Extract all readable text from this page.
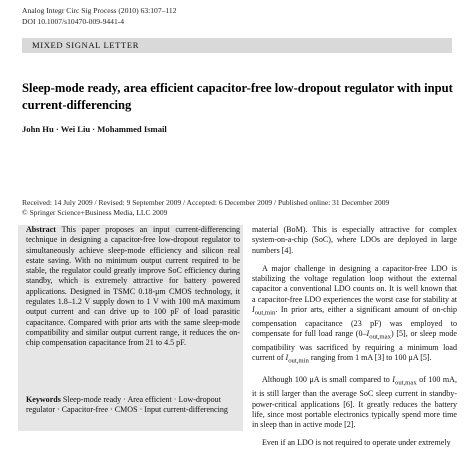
Analog Integr Circ Sig Process (2010) 63:107–112
DOI 10.1007/s10470-009-9441-4
MIXED SIGNAL LETTER
Sleep-mode ready, area efficient capacitor-free low-dropout regulator with input current-differencing
John Hu · Wei Liu · Mohammed Ismail
Received: 14 July 2009 / Revised: 9 September 2009 / Accepted: 6 December 2009 / Published online: 31 December 2009
© Springer Science+Business Media, LLC 2009
Abstract This paper proposes an input current-differencing technique in designing a capacitor-free low-dropout regulator to simultaneously achieve sleep-mode efficiency and silicon real estate saving. With no minimum output current required to be stable, the regulator could greatly improve SoC efficiency during standby, which is extremely attractive for battery powered applications. Designed in TSMC 0.18-μm CMOS technology, it regulates 1.8–1.2 V supply down to 1 V with 100 mA maximum output current and can drive up to 100 pF of load parasitic capacitance. Compared with prior arts with the same sleep-mode compatibility and similar output current range, it reduces the on-chip compensation capacitance from 21 to 4.5 pF.
Keywords Sleep-mode ready · Area efficient · Low-dropout regulator · Capacitor-free · CMOS · Input current-differencing

material (BoM). This is especially attractive for complex system-on-a-chip (SoC), where LDOs are deployed in large numbers [4].

A major challenge in designing a capacitor-free LDO is stabilizing the voltage regulation loop without the external capacitor a conventional LDO counts on. It is well known that a capacitor-free LDO experiences the worst case for stability at $I_{out,min}$. In prior arts, either a significant amount of on-chip compensation capacitance (23 pF) was employed to compensate for full load range $(0-I_{out,max})$ [5], or sleep mode compatibility was sacrificed by requiring a minimum load current of $I_{out,min}$ ranging from 1 mA [3] to 100 μA [5].

Although 100 μA is small compared to $I_{out,max}$ of 100 mA, it is still larger than the average SoC sleep current in standby-power-critical applications [6]. It greatly reduces the battery life, since most portable electronics typically spend more time in sleep than in active mode [2].

Even if an LDO is not required to operate under extremely
